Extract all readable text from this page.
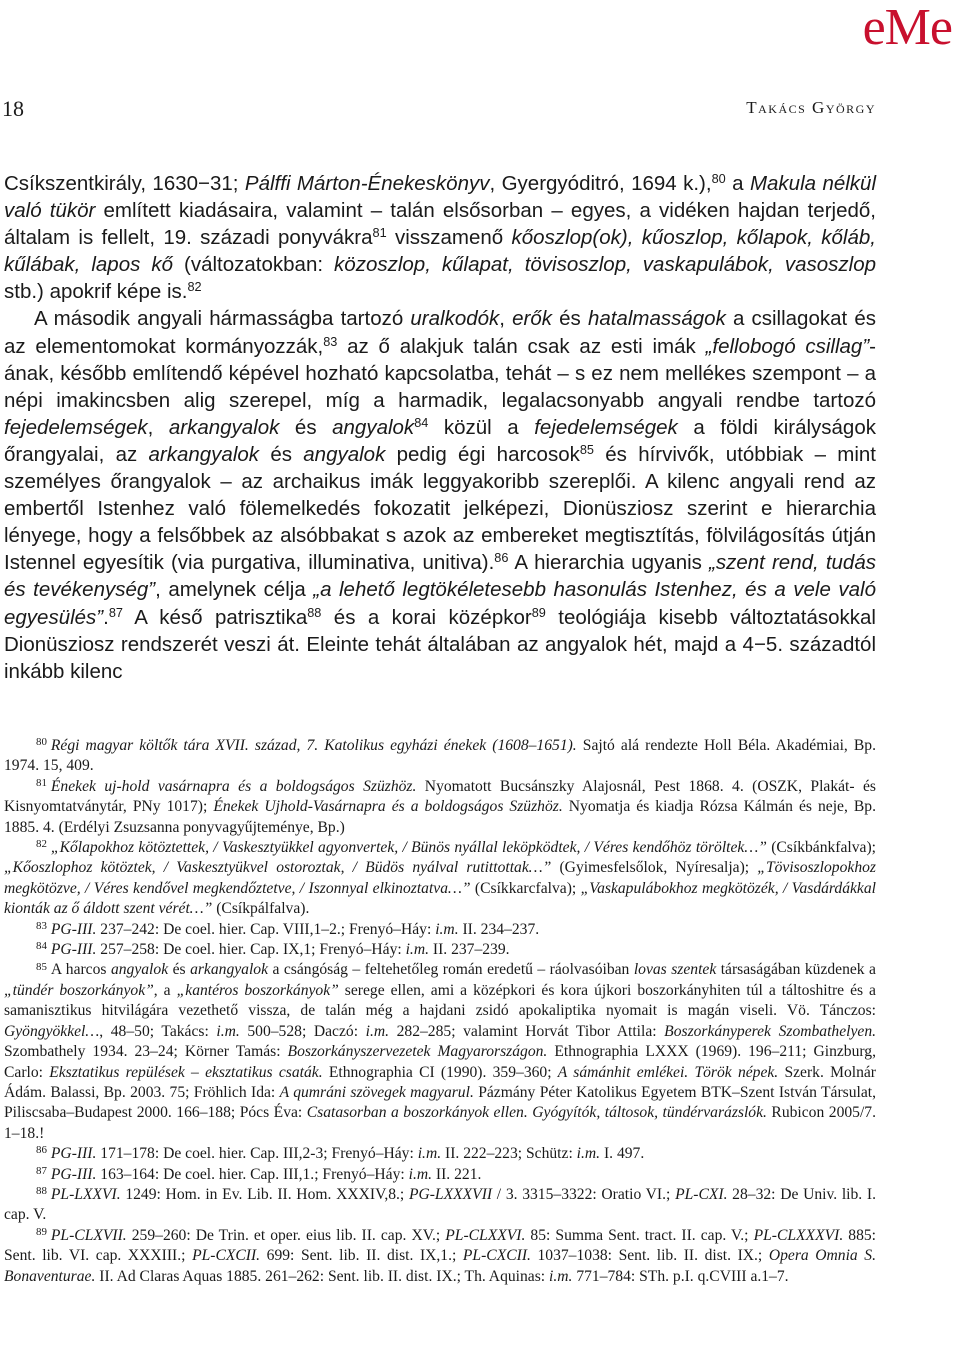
eMe
18	Takács György

Csíkszentkirály, 1630−31; Pálffi Márton-Énekeskönyv, Gyergyóditró, 1694 k.),$^{80}$ a Makula nélkül való tükör említett kiadásaira, valamint – talán elsősorban – egyes, a vidéken hajdan terjedő, általam is fellelt, 19. századi ponyvákra$^{81}$ visszamenő kőoszlop(ok), kűoszlop, kőlapok, kőláb, kűlábak, lapos kő (változatokban: közoszlop, kűlapat, tövisoszlop, vaskapulábok, vasoszlop stb.) apokrif képe is.$^{82}$

A második angyali hármasságba tartozó uralkodók, erők és hatalmasságok a csillagokat és az elementomokat kormányozzák,$^{83}$ az ő alakjuk talán csak az esti imák „fellobogó csillag”-ának, később említendő képével hozható kapcsolatba, tehát – s ez nem mellékes szempont – a népi imakincsben alig szerepel, míg a harmadik, legalacsonyabb angyali rendbe tartozó fejedelemségek, arkangyalok és angyalok$^{84}$ közül a fejedelemségek a földi királyságok őrangyalai, az arkangyalok és angyalok pedig égi harcosok$^{85}$ és hírvivők, utóbbiak – mint személyes őrangyalok – az archaikus imák leggyakoribb szereplői. A kilenc angyali rend az embertől Istenhez való fölemelkedés fokozatit jelképezi, Dionüsziosz szerint e hierarchia lényege, hogy a felsőbbek az alsóbbakat s azok az embereket megtisztítás, fölvilágosítás útján Istennel egyesítik (via purgativa, illuminativa, unitiva).$^{86}$ A hierarchia ugyanis „szent rend, tudás és tevékenység”, amelynek célja „a lehető legtökéletesebb hasonulás Istenhez, és a vele való egyesülés”.$^{87}$ A késő patrisztika$^{88}$ és a korai középkor$^{89}$ teológiája kisebb változtatásokkal Dionüsziosz rendszerét veszi át. Eleinte tehát általában az angyalok hét, majd a 4−5. századtól inkább kilenc

$^{80}$ Régi magyar költők tára XVII. század, 7. Katolikus egyházi énekek (1608–1651). Sajtó alá rendezte Holl Béla. Akadémiai, Bp. 1974. 15, 409.

$^{81}$ Énekek uj-hold vasárnapra és a boldogságos Szüzhöz. Nyomatott Bucsánszky Alajosnál, Pest 1868. 4. (OSZK, Plakát- és Kisnyomtatványtár, PNy 1017); Énekek Ujhold-Vasárnapra és a boldogságos Szüzhöz. Nyomatja és kiadja Rózsa Kálmán és neje, Bp. 1885. 4. (Erdélyi Zsuzsanna ponyvagyűjteménye, Bp.)

$^{82}$ „Kőlapokhoz kötöztettek, / Vaskesztyükkel agyonvertek, / Bünös nyállal leköpködtek, / Véres kendőhöz töröltek…” (Csíkbánkfalva); „Kőoszlophoz kötöztek, / Vaskesztyükvel ostoroztak, / Büdös nyálval rutittottak…” (Gyimesfelsőlok, Nyíresalja); „Tövisoszlopokhoz megkötözve, / Véres kendővel megkendőztetve, / Iszonnyal elkinoztatva…” (Csíkkarcfalva); „Vaskapulábokhoz megkötözék, / Vasdárdákkal kionták az ő áldott szent vérét…” (Csíkpálfalva).

$^{83}$ PG-III. 237–242: De coel. hier. Cap. VIII,1–2.; Frenyó–Háy: i.m. II. 234–237.

$^{84}$ PG-III. 257–258: De coel. hier. Cap. IX,1; Frenyó–Háy: i.m. II. 237–239.

$^{85}$ A harcos angyalok és arkangyalok a csángóság – feltehetőleg román eredetű – ráolvasóiban lovas szentek társaságában küzdenek a „tündér boszorkányok”, a „kantéros boszorkányok” serege ellen, ami a középkori és kora újkori boszorkányhiten túl a táltoshitre és a samanisztikus hitvilágára vezethető vissza, de talán még a hajdani zsidó apokaliptika nyomait is magán viseli. Vö. Tánczos: Gyöngyökkel…, 48–50; Takács: i.m. 500–528; Daczó: i.m. 282–285; valamint Horvát Tibor Attila: Boszorkányperek Szombathelyen. Szombathely 1934. 23–24; Körner Tamás: Boszorkányszervezetek Magyarországon. Ethnographia LXXX (1969). 196–211; Ginzburg, Carlo: Eksztatikus repülések – eksztatikus csaták. Ethnographia CI (1990). 359–360; A sámánhit emlékei. Török népek. Szerk. Molnár Ádám. Balassi, Bp. 2003. 75; Fröhlich Ida: A qumráni szövegek magyarul. Pázmány Péter Katolikus Egyetem BTK–Szent István Társulat, Piliscsaba–Budapest 2000. 166–188; Pócs Éva: Csatasorban a boszorkányok ellen. Gyógyítók, táltosok, tündérvarázslók. Rubicon 2005/7. 1–18.!

$^{86}$ PG-III. 171–178: De coel. hier. Cap. III,2-3; Frenyó–Háy: i.m. II. 222–223; Schütz: i.m. I. 497.

$^{87}$ PG-III. 163–164: De coel. hier. Cap. III,1.; Frenyó–Háy: i.m. II. 221.

$^{88}$ PL-LXXVI. 1249: Hom. in Ev. Lib. II. Hom. XXXIV,8.; PG-LXXXVII / 3. 3315–3322: Oratio VI.; PL-CXI. 28–32: De Univ. lib. I. cap. V.

$^{89}$ PL-CLXVII. 259–260: De Trin. et oper. eius lib. II. cap. XV.; PL-CLXXVI. 85: Summa Sent. tract. II. cap. V.; PL-CLXXXVI. 885: Sent. lib. VI. cap. XXXIII.; PL-CXCII. 699: Sent. lib. II. dist. IX,1.; PL-CXCII. 1037–1038: Sent. lib. II. dist. IX.; Opera Omnia S. Bonaventurae. II. Ad Claras Aquas 1885. 261–262: Sent. lib. II. dist. IX.; Th. Aquinas: i.m. 771–784: STh. p.I. q.CVIII a.1–7.
